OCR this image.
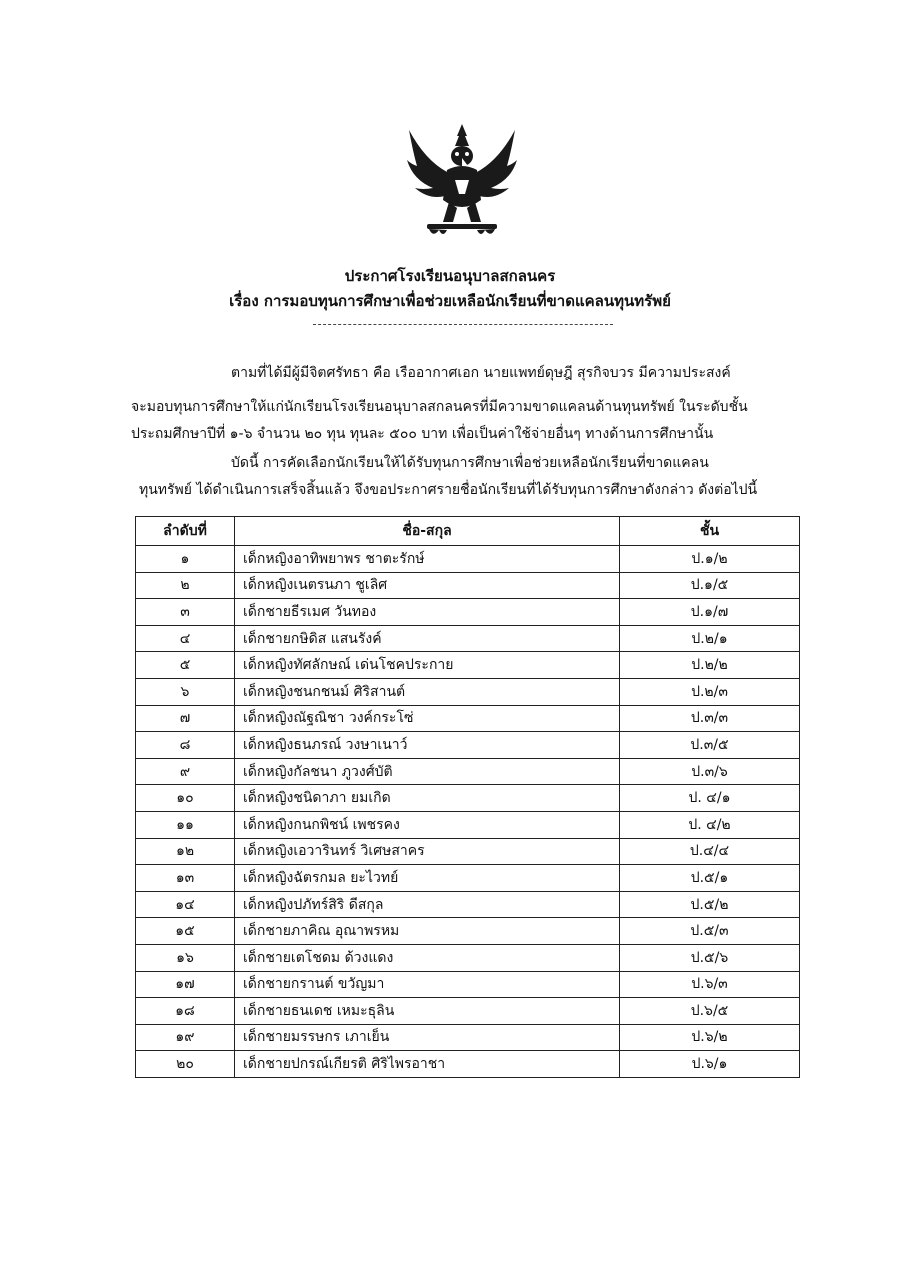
ประกาศโรงเรียนอนุบาลสกลนคร
เรื่อง การมอบทุนการศึกษาเพื่อช่วยเหลือนักเรียนที่ขาดแคลนทุนทรัพย์
ตามที่ได้มีผู้มีจิตศรัทธา คือ เรืออากาศเอก นายแพทย์ดุษฎี สุรกิจบวร มีความประสงค์
จะมอบทุนการศึกษาให้แก่นักเรียนโรงเรียนอนุบาลสกลนครที่มีความขาดแคลนด้านทุนทรัพย์ ในระดับชั้น
ประถมศึกษาปีที่ ๑-๖ จำนวน ๒๐ ทุน ทุนละ ๕๐๐ บาท เพื่อเป็นค่าใช้จ่ายอื่นๆ ทางด้านการศึกษานั้น
บัดนี้ การคัดเลือกนักเรียนให้ได้รับทุนการศึกษาเพื่อช่วยเหลือนักเรียนที่ขาดแคลน
ทุนทรัพย์ ได้ดำเนินการเสร็จสิ้นแล้ว จึงขอประกาศรายชื่อนักเรียนที่ได้รับทุนการศึกษาดังกล่าว ดังต่อไปนี้
ลำดับที่	ชื่อ-สกุล	ชั้น
๑	เด็กหญิงอาทิพยาพร ชาตะรักษ์	ป.๑/๒
๒	เด็กหญิงเนตรนภา ชูเลิศ	ป.๑/๕
๓	เด็กชายธีรเมศ วันทอง	ป.๑/๗
๔	เด็กชายกษิดิส แสนรังค์	ป.๒/๑
๕	เด็กหญิงทัศลักษณ์ เด่นโชคประกาย	ป.๒/๒
๖	เด็กหญิงชนกชนม์ ศิริสานต์	ป.๒/๓
๗	เด็กหญิงณัฐณิชา วงค์กระโซ่	ป.๓/๓
๘	เด็กหญิงธนภรณ์ วงษาเนาว์	ป.๓/๕
๙	เด็กหญิงกัลชนา ภูวงศ์บัติ	ป.๓/๖
๑๐	เด็กหญิงชนิดาภา ยมเกิด	ป. ๔/๑
๑๑	เด็กหญิงกนกพิชน์ เพชรคง	ป. ๔/๒
๑๒	เด็กหญิงเอวารินทร์ วิเศษสาคร	ป.๔/๔
๑๓	เด็กหญิงฉัตรกมล ยะไวทย์	ป.๕/๑
๑๔	เด็กหญิงปภัทร์สิริ ดีสกุล	ป.๕/๒
๑๕	เด็กชายภาคิณ อุณาพรหม	ป.๕/๓
๑๖	เด็กชายเตโชดม ด้วงแดง	ป.๕/๖
๑๗	เด็กชายกรานต์ ขวัญมา	ป.๖/๓
๑๘	เด็กชายธนเดช เหมะธุลิน	ป.๖/๕
๑๙	เด็กชายมรรษกร เภาเย็น	ป.๖/๒
๒๐	เด็กชายปกรณ์เกียรติ ศิริไพรอาชา	ป.๖/๑
